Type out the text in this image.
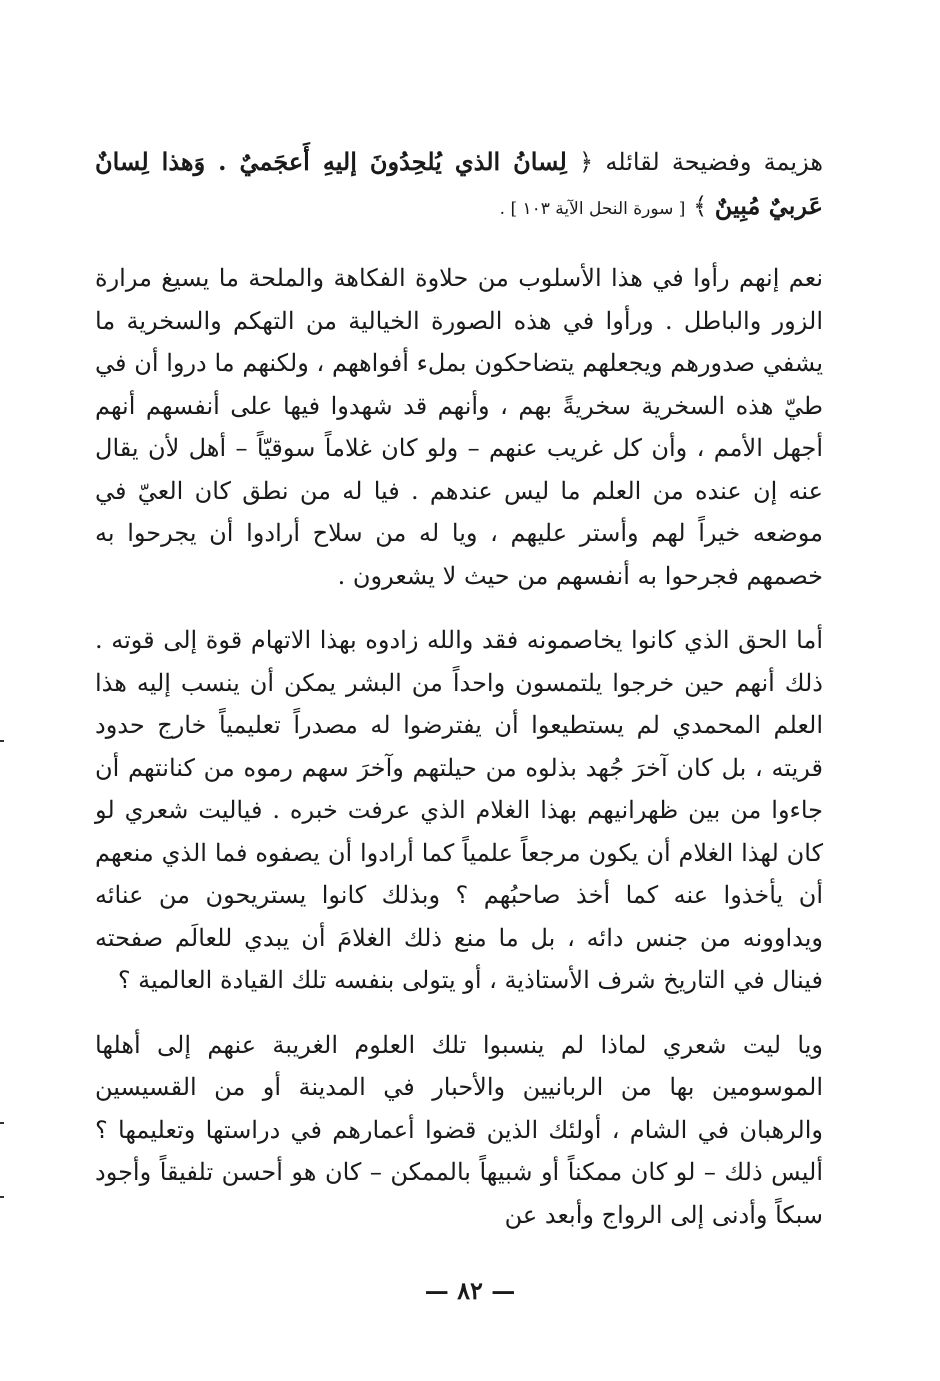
هزيمة وفضيحة لقائله ﴿ لِسانُ الذي يُلحِدُونَ إليهِ أَعجَميٌ . وَهذا لِسانٌ عَربيٌ مُبِينٌ ﴾ [ سورة النحل الآية ١٠٣ ] .

نعم إنهم رأوا في هذا الأسلوب من حلاوة الفكاهة والملحة ما يسيغ مرارة الزور والباطل . ورأوا في هذه الصورة الخيالية من التهكم والسخرية ما يشفي صدورهم ويجعلهم يتضاحكون بملء أفواههم ، ولكنهم ما دروا أن في طيّ هذه السخرية سخريةً بهم ، وأنهم قد شهدوا فيها على أنفسهم أنهم أجهل الأمم ، وأن كل غريب عنهم – ولو كان غلاماً سوقيّاً – أهل لأن يقال عنه إن عنده من العلم ما ليس عندهم . فيا له من نطق كان العيّ في موضعه خيراً لهم وأستر عليهم ، ويا له من سلاح أرادوا أن يجرحوا به خصمهم فجرحوا به أنفسهم من حيث لا يشعرون .

أما الحق الذي كانوا يخاصمونه فقد والله زادوه بهذا الاتهام قوة إلى قوته . ذلك أنهم حين خرجوا يلتمسون واحداً من البشر يمكن أن ينسب إليه هذا العلم المحمدي لم يستطيعوا أن يفترضوا له مصدراً تعليمياً خارج حدود قريته ، بل كان آخرَ جُهد بذلوه من حيلتهم وآخرَ سهم رموه من كنانتهم أن جاءوا من بين ظهرانيهم بهذا الغلام الذي عرفت خبره . فياليت شعري لو كان لهذا الغلام أن يكون مرجعاً علمياً كما أرادوا أن يصفوه فما الذي منعهم أن يأخذوا عنه كما أخذ صاحبُهم ؟ وبذلك كانوا يستريحون من عنائه ويداوونه من جنس دائه ، بل ما منع ذلك الغلامَ أن يبدي للعالَم صفحته فينال في التاريخ شرف الأستاذية ، أو يتولى بنفسه تلك القيادة العالمية ؟

ويا ليت شعري لماذا لم ينسبوا تلك العلوم الغريبة عنهم إلى أهلها الموسومين بها من الربانيين والأحبار في المدينة أو من القسيسين والرهبان في الشام ، أولئك الذين قضوا أعمارهم في دراستها وتعليمها ؟ أليس ذلك – لو كان ممكناً أو شبيهاً بالممكن – كان هو أحسن تلفيقاً وأجود سبكاً وأدنى إلى الرواج وأبعد عن

— ٨٢ —
